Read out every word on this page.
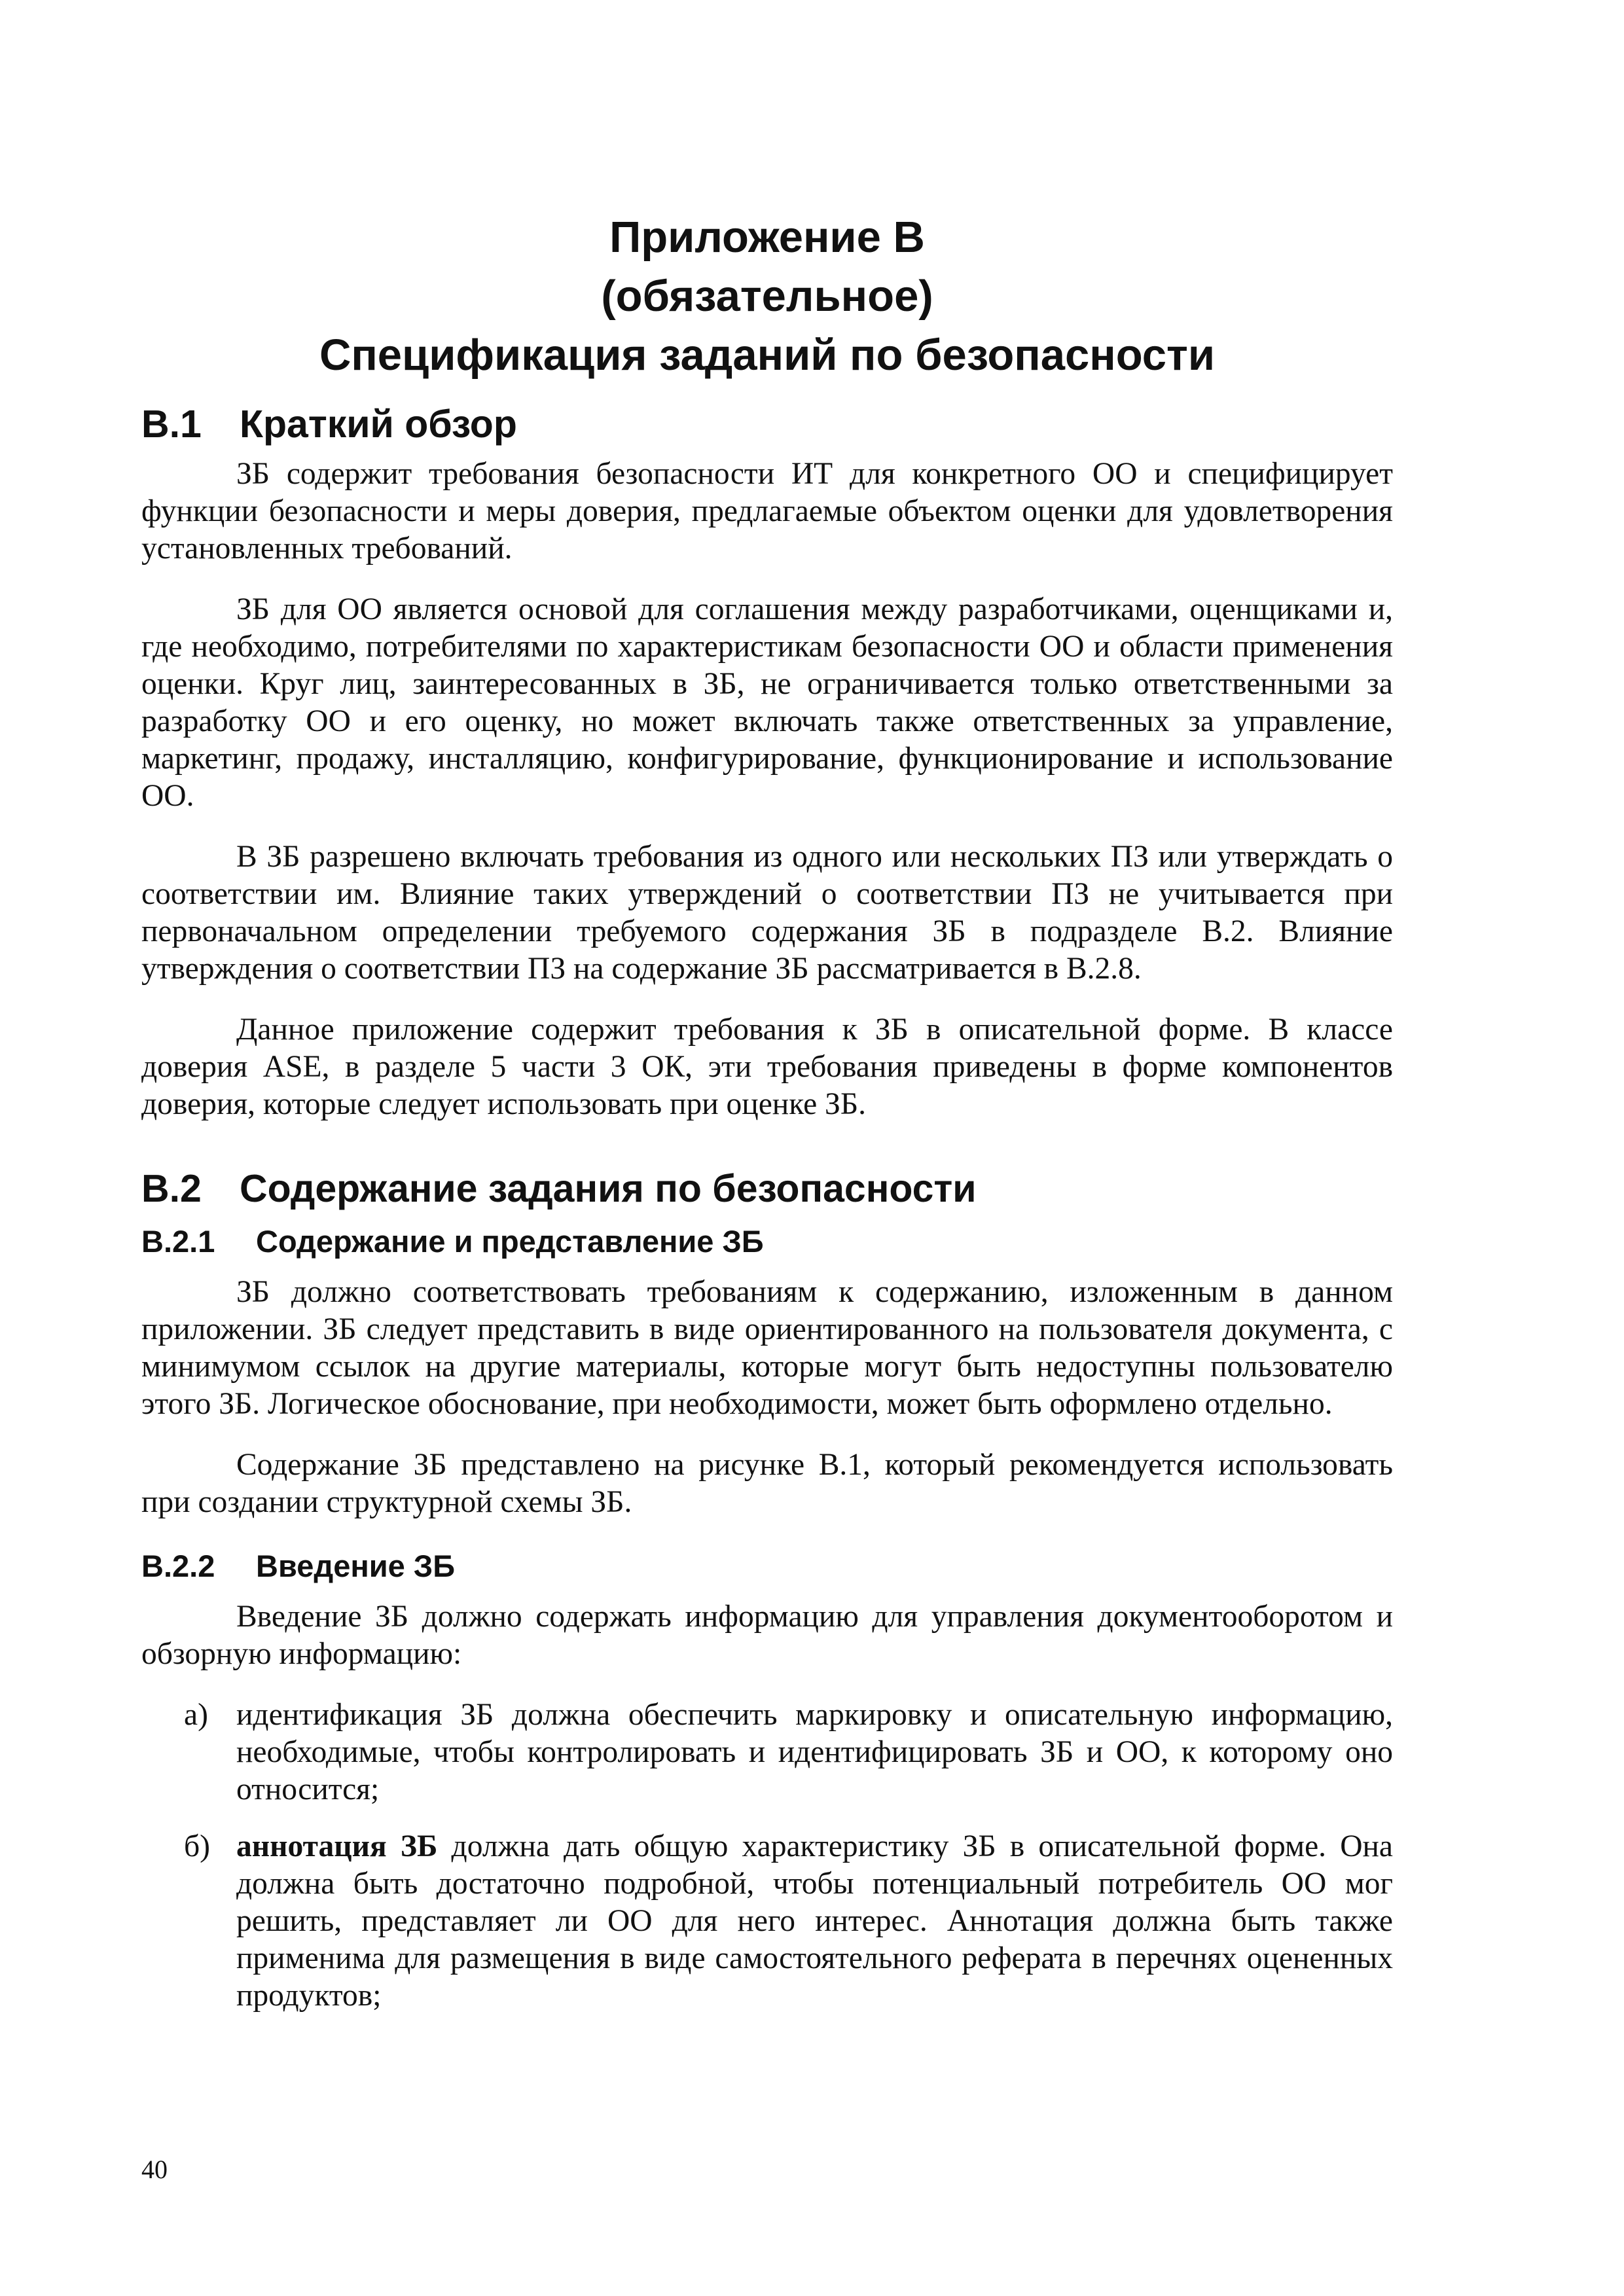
Приложение В
(обязательное)
Спецификация заданий по безопасности
В.1 Краткий обзор

ЗБ содержит требования безопасности ИТ для конкретного ОО и специфицирует функции безопасности и меры доверия, предлагаемые объектом оценки для удовлетворения установленных требований.

ЗБ для ОО является основой для соглашения между разработчиками, оценщиками и, где необходимо, потребителями по характеристикам безопасности ОО и области применения оценки. Круг лиц, заинтересованных в ЗБ, не ограничивается только ответственными за разработку ОО и его оценку, но может включать также ответственных за управление, маркетинг, продажу, инсталляцию, конфигурирование, функционирование и использование ОО.

В ЗБ разрешено включать требования из одного или нескольких ПЗ или утверждать о соответствии им. Влияние таких утверждений о соответствии ПЗ не учитывается при первоначальном определении требуемого содержания ЗБ в подразделе В.2. Влияние утверждения о соответствии ПЗ на содержание ЗБ рассматривается в В.2.8.

Данное приложение содержит требования к ЗБ в описательной форме. В классе доверия ASE, в разделе 5 части 3 ОК, эти требования приведены в форме компонентов доверия, которые следует использовать при оценке ЗБ.

В.2 Содержание задания по безопасности
В.2.1 Содержание и представление ЗБ

ЗБ должно соответствовать требованиям к содержанию, изложенным в данном приложении. ЗБ следует представить в виде ориентированного на пользователя документа, с минимумом ссылок на другие материалы, которые могут быть недоступны пользователю этого ЗБ. Логическое обоснование, при необходимости, может быть оформлено отдельно.

Содержание ЗБ представлено на рисунке В.1, который рекомендуется использовать при создании структурной схемы ЗБ.

В.2.2 Введение ЗБ

Введение ЗБ должно содержать информацию для управления документооборотом и обзорную информацию:

а) идентификация ЗБ должна обеспечить маркировку и описательную информацию, необходимые, чтобы контролировать и идентифицировать ЗБ и ОО, к которому оно относится;
б) аннотация ЗБ должна дать общую характеристику ЗБ в описательной форме. Она должна быть достаточно подробной, чтобы потенциальный потребитель ОО мог решить, представляет ли ОО для него интерес. Аннотация должна быть также применима для размещения в виде самостоятельного реферата в перечнях оцененных продуктов;
40
